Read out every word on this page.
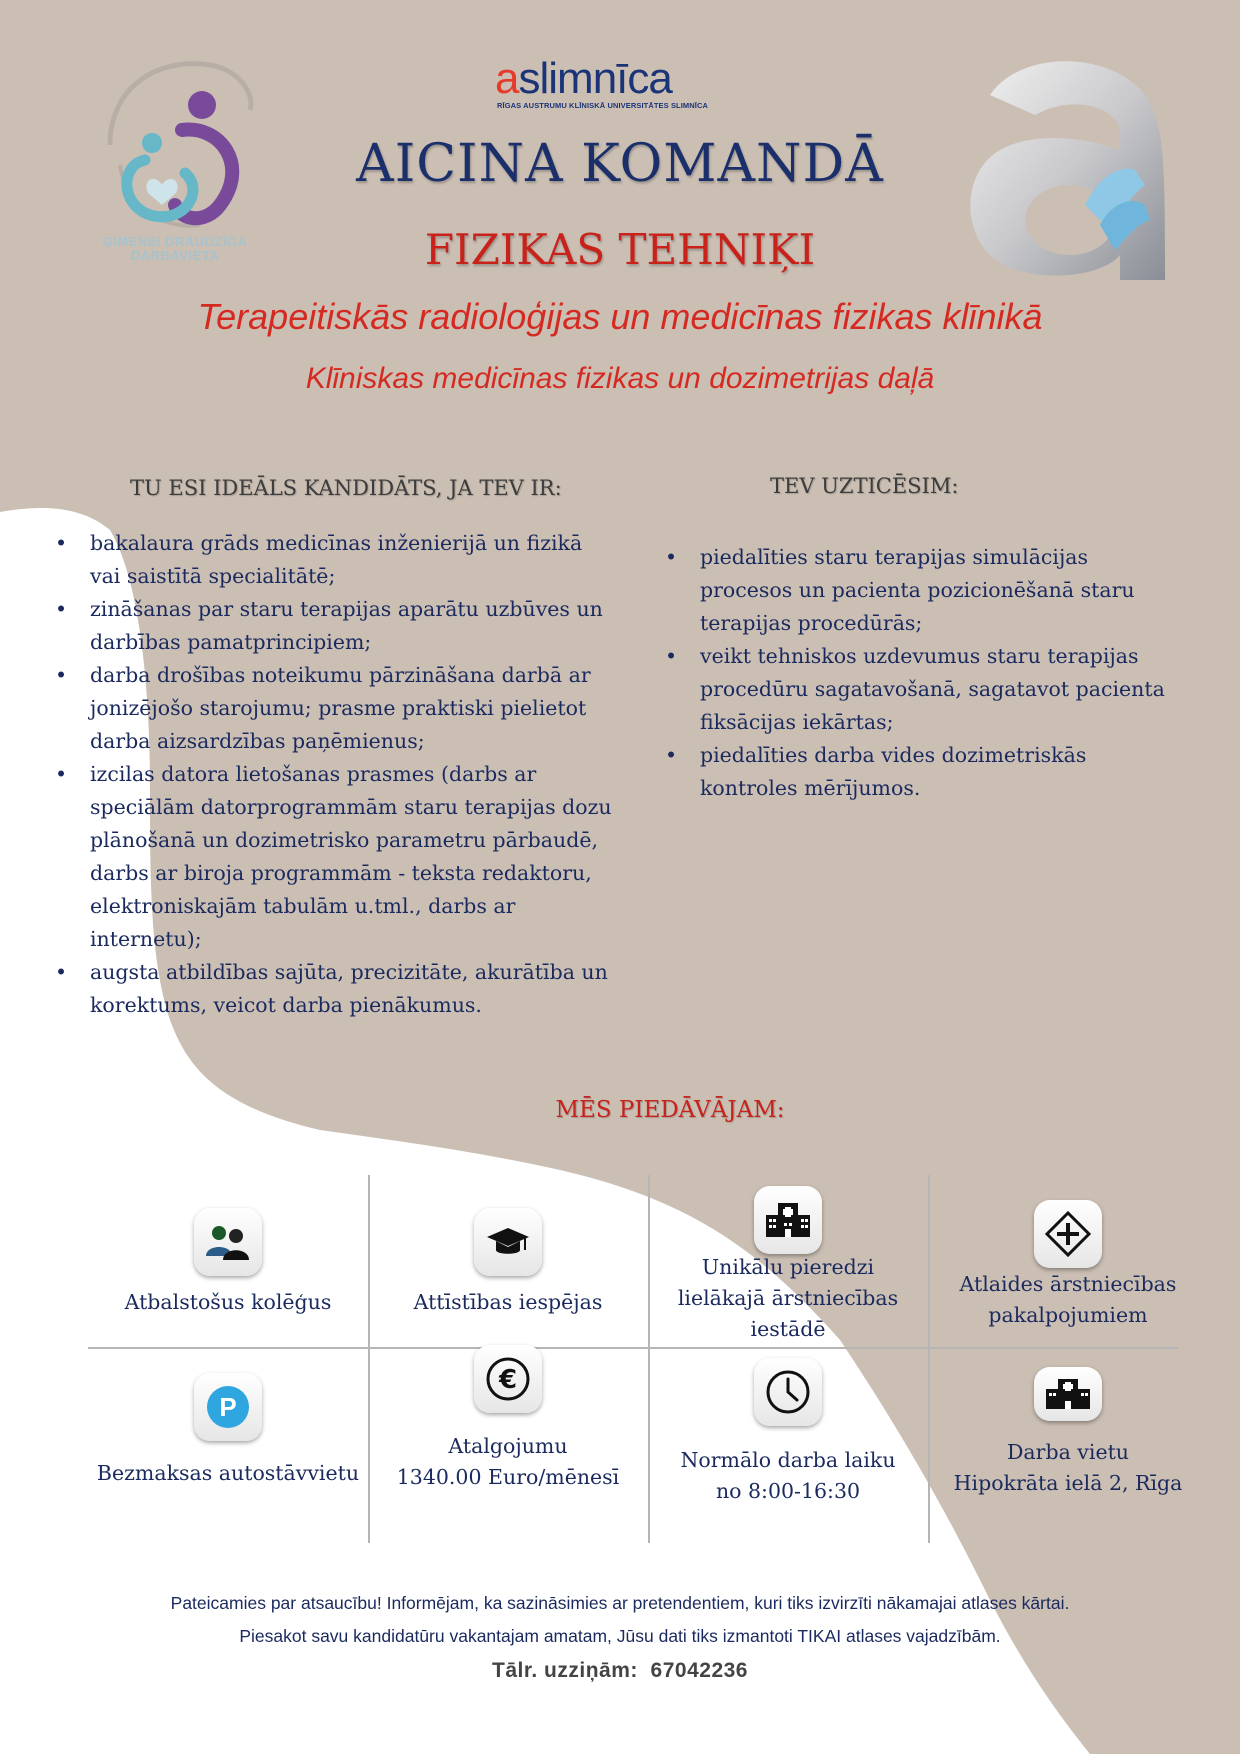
ĢIMENEI DRAUDZĪGA
DARBAVIETA
aslimnīca
RĪGAS AUSTRUMU KLĪNISKĀ UNIVERSITĀTES SLIMNĪCA
AICINA KOMANDĀ
FIZIKAS TEHNIĶI
Terapeitiskās radioloģijas un medicīnas fizikas klīnikā
Klīniskas medicīnas fizikas un dozimetrijas daļā
TU ESI IDEĀLS KANDIDĀTS, JA TEV IR:
• bakalaura grāds medicīnas inženierijā un fizikā vai saistītā specialitātē;
• zināšanas par staru terapijas aparātu uzbūves un darbības pamatprincipiem;
• darba drošības noteikumu pārzināšana darbā ar jonizējošo starojumu; prasme praktiski pielietot darba aizsardzības paņēmienus;
• izcilas datora lietošanas prasmes (darbs ar speciālām datorprogrammām staru terapijas dozu plānošanā un dozimetrisko parametru pārbaudē, darbs ar biroja programmām - teksta redaktoru, elektroniskajām tabulām u.tml., darbs ar internetu);
• augsta atbildības sajūta, precizitāte, akurātība un korektums, veicot darba pienākumus.
TEV UZTICĒSIM:
• piedalīties staru terapijas simulācijas procesos un pacienta pozicionēšanā staru terapijas procedūrās;
• veikt tehniskos uzdevumus staru terapijas procedūru sagatavošanā, sagatavot pacienta fiksācijas iekārtas;
• piedalīties darba vides dozimetriskās kontroles mērījumos.
MĒS PIEDĀVĀJAM:
Atbalstošus kolēģus	Attīstības iespējas
Unikālu pieredzi
lielākajā ārstniecības
iestādē
Atlaides ārstniecības
pakalpojumiem
P
Bezmaksas autostāvvietu
€
Atalgojumu
1340.00 Euro/mēnesī
Normālo darba laiku
no 8:00-16:30
Darba vietu
Hipokrāta ielā 2, Rīga

Pateicamies par atsaucību! Informējam, ka sazināsimies ar pretendentiem, kuri tiks izvirzīti nākamajai atlases kārtai.

Piesakot savu kandidatūru vakantajam amatam, Jūsu dati tiks izmantoti TIKAI atlases vajadzībām.

Tālr. uzziņām: 67042236
